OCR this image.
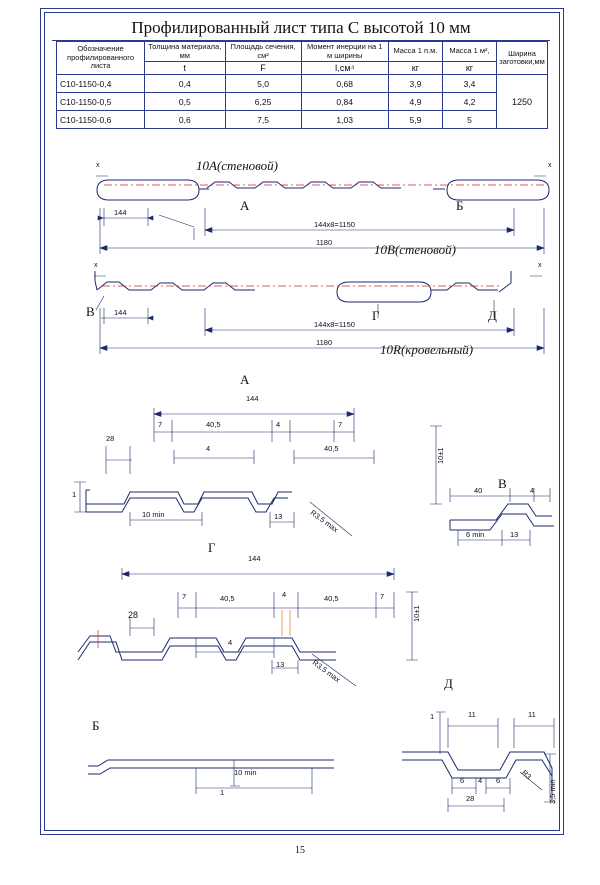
Профилированный лист типа С высотой 10 мм
Обозначение профилированного листа	Толщина материала, мм	Площадь сечения, см²	Момент инерции на 1 м ширины	Масса 1 п.м.	Масса 1 м²,	Ширина заготовки,мм
	t	F	I,см⁴	кг	кг	
С10-1150-0,4	0,4	5,0	0,68	3,9	3,4	1250
С10-1150-0,5	0,5	6,25	0,84	4,9	4,2	
С10-1150-0,6	0,6	7,5	1,03	5,9	5	
10А(стеновой)
А	Б
144
144x8=1150
1180
x	x
10В(стеновой)
В	Г	Д
144
144x8=1150
1180
x	x
10R(кровельный)
А
144
7	40,5	4	7
4	40,5	10±1
28
1
10 min	13	R3.5 max
В
40	4
6 min	13
Г
144
7	40,5	4	40,5	7
10±1
28
4
13	R3.5 max
Б
1
10 min
Д
1	11	11
6 4 6
28
R3
3,5 min
15
